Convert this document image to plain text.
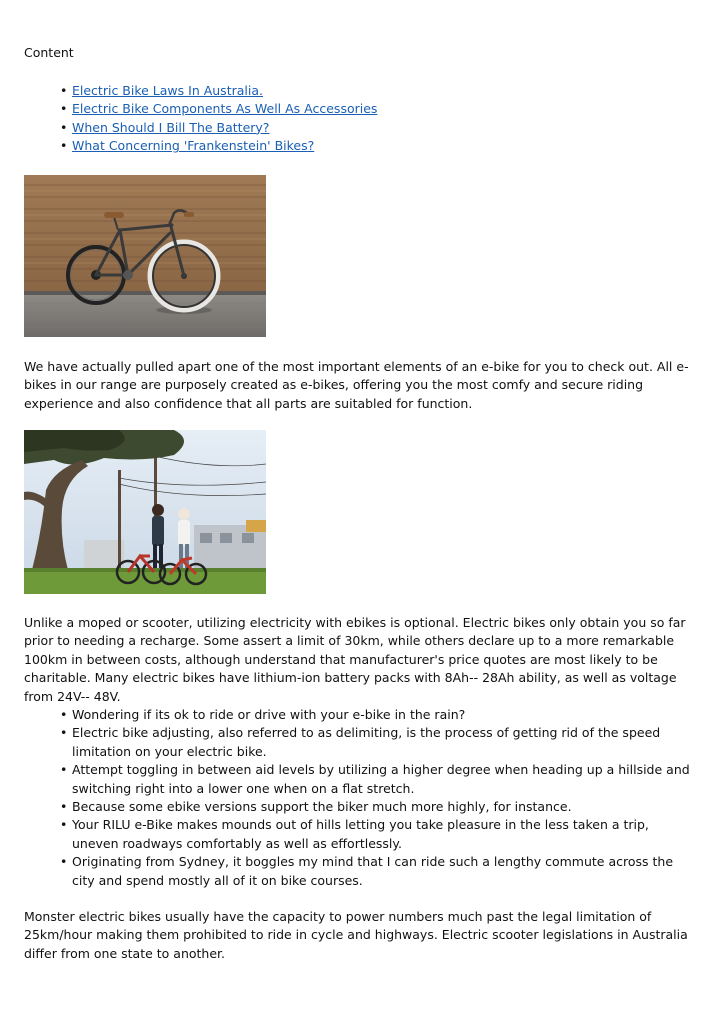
Content

• Electric Bike Laws In Australia.
• Electric Bike Components As Well As Accessories
• When Should I Bill The Battery?
• What Concerning 'Frankenstein' Bikes?

We have actually pulled apart one of the most important elements of an e-bike for you to check out. All e-bikes in our range are purposely created as e-bikes, offering you the most comfy and secure riding experience and also confidence that all parts are suitabled for function.

Unlike a moped or scooter, utilizing electricity with ebikes is optional. Electric bikes only obtain you so far prior to needing a recharge. Some assert a limit of 30km, while others declare up to a more remarkable 100km in between costs, although understand that manufacturer's price quotes are most likely to be charitable. Many electric bikes have lithium-ion battery packs with 8Ah-- 28Ah ability, as well as voltage from 24V-- 48V.

• Wondering if its ok to ride or drive with your e-bike in the rain?
• Electric bike adjusting, also referred to as delimiting, is the process of getting rid of the speed limitation on your electric bike.
• Attempt toggling in between aid levels by utilizing a higher degree when heading up a hillside and switching right into a lower one when on a flat stretch.
• Because some ebike versions support the biker much more highly, for instance.
• Your RILU e-Bike makes mounds out of hills letting you take pleasure in the less taken a trip, uneven roadways comfortably as well as effortlessly.
• Originating from Sydney, it boggles my mind that I can ride such a lengthy commute across the city and spend mostly all of it on bike courses.

Monster electric bikes usually have the capacity to power numbers much past the legal limitation of 25km/hour making them prohibited to ride in cycle and highways. Electric scooter legislations in Australia differ from one state to another.
